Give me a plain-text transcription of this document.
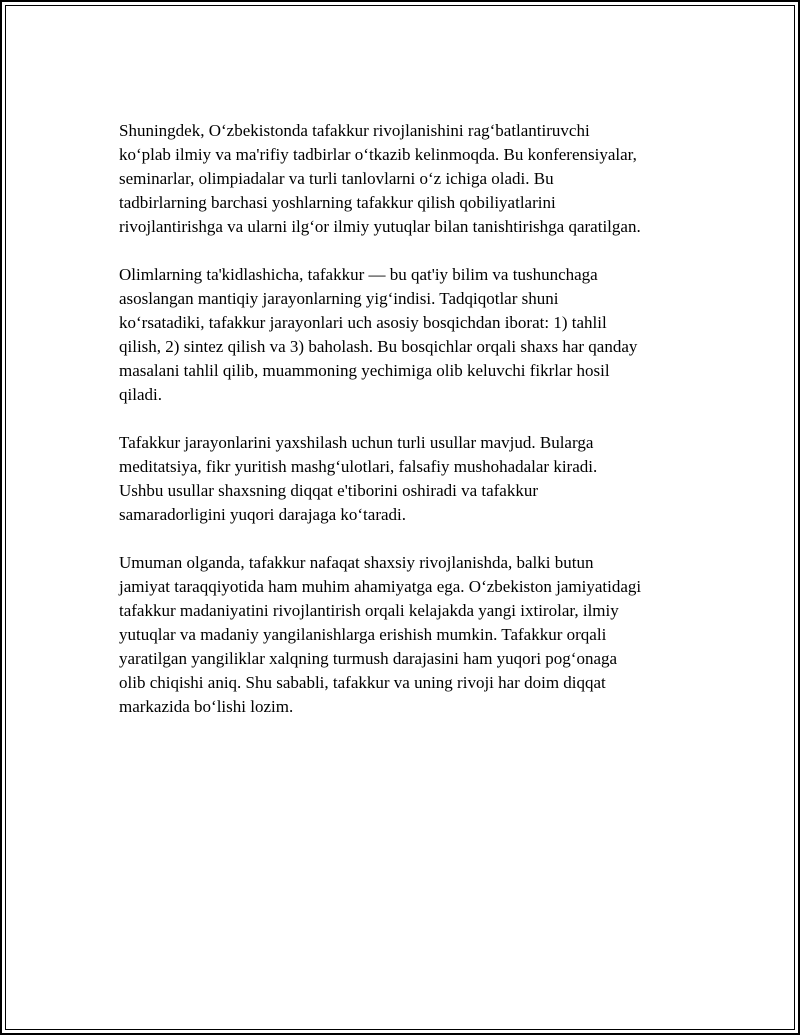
Shuningdek, O‘zbekistonda tafakkur rivojlanishini rag‘batlantiruvchi
ko‘plab ilmiy va ma'rifiy tadbirlar o‘tkazib kelinmoqda. Bu konferensiyalar,
seminarlar, olimpiadalar va turli tanlovlarni o‘z ichiga oladi. Bu
tadbirlarning barchasi yoshlarning tafakkur qilish qobiliyatlarini
rivojlantirishga va ularni ilg‘or ilmiy yutuqlar bilan tanishtirishga qaratilgan.

Olimlarning ta'kidlashicha, tafakkur — bu qat'iy bilim va tushunchaga
asoslangan mantiqiy jarayonlarning yig‘indisi. Tadqiqotlar shuni
ko‘rsatadiki, tafakkur jarayonlari uch asosiy bosqichdan iborat: 1) tahlil
qilish, 2) sintez qilish va 3) baholash. Bu bosqichlar orqali shaxs har qanday
masalani tahlil qilib, muammoning yechimiga olib keluvchi fikrlar hosil
qiladi.

Tafakkur jarayonlarini yaxshilash uchun turli usullar mavjud. Bularga
meditatsiya, fikr yuritish mashg‘ulotlari, falsafiy mushohadalar kiradi.
Ushbu usullar shaxsning diqqat e'tiborini oshiradi va tafakkur
samaradorligini yuqori darajaga ko‘taradi.

Umuman olganda, tafakkur nafaqat shaxsiy rivojlanishda, balki butun
jamiyat taraqqiyotida ham muhim ahamiyatga ega. O‘zbekiston jamiyatidagi
tafakkur madaniyatini rivojlantirish orqali kelajakda yangi ixtirolar, ilmiy
yutuqlar va madaniy yangilanishlarga erishish mumkin. Tafakkur orqali
yaratilgan yangiliklar xalqning turmush darajasini ham yuqori pog‘onaga
olib chiqishi aniq. Shu sababli, tafakkur va uning rivoji har doim diqqat
markazida bo‘lishi lozim.
